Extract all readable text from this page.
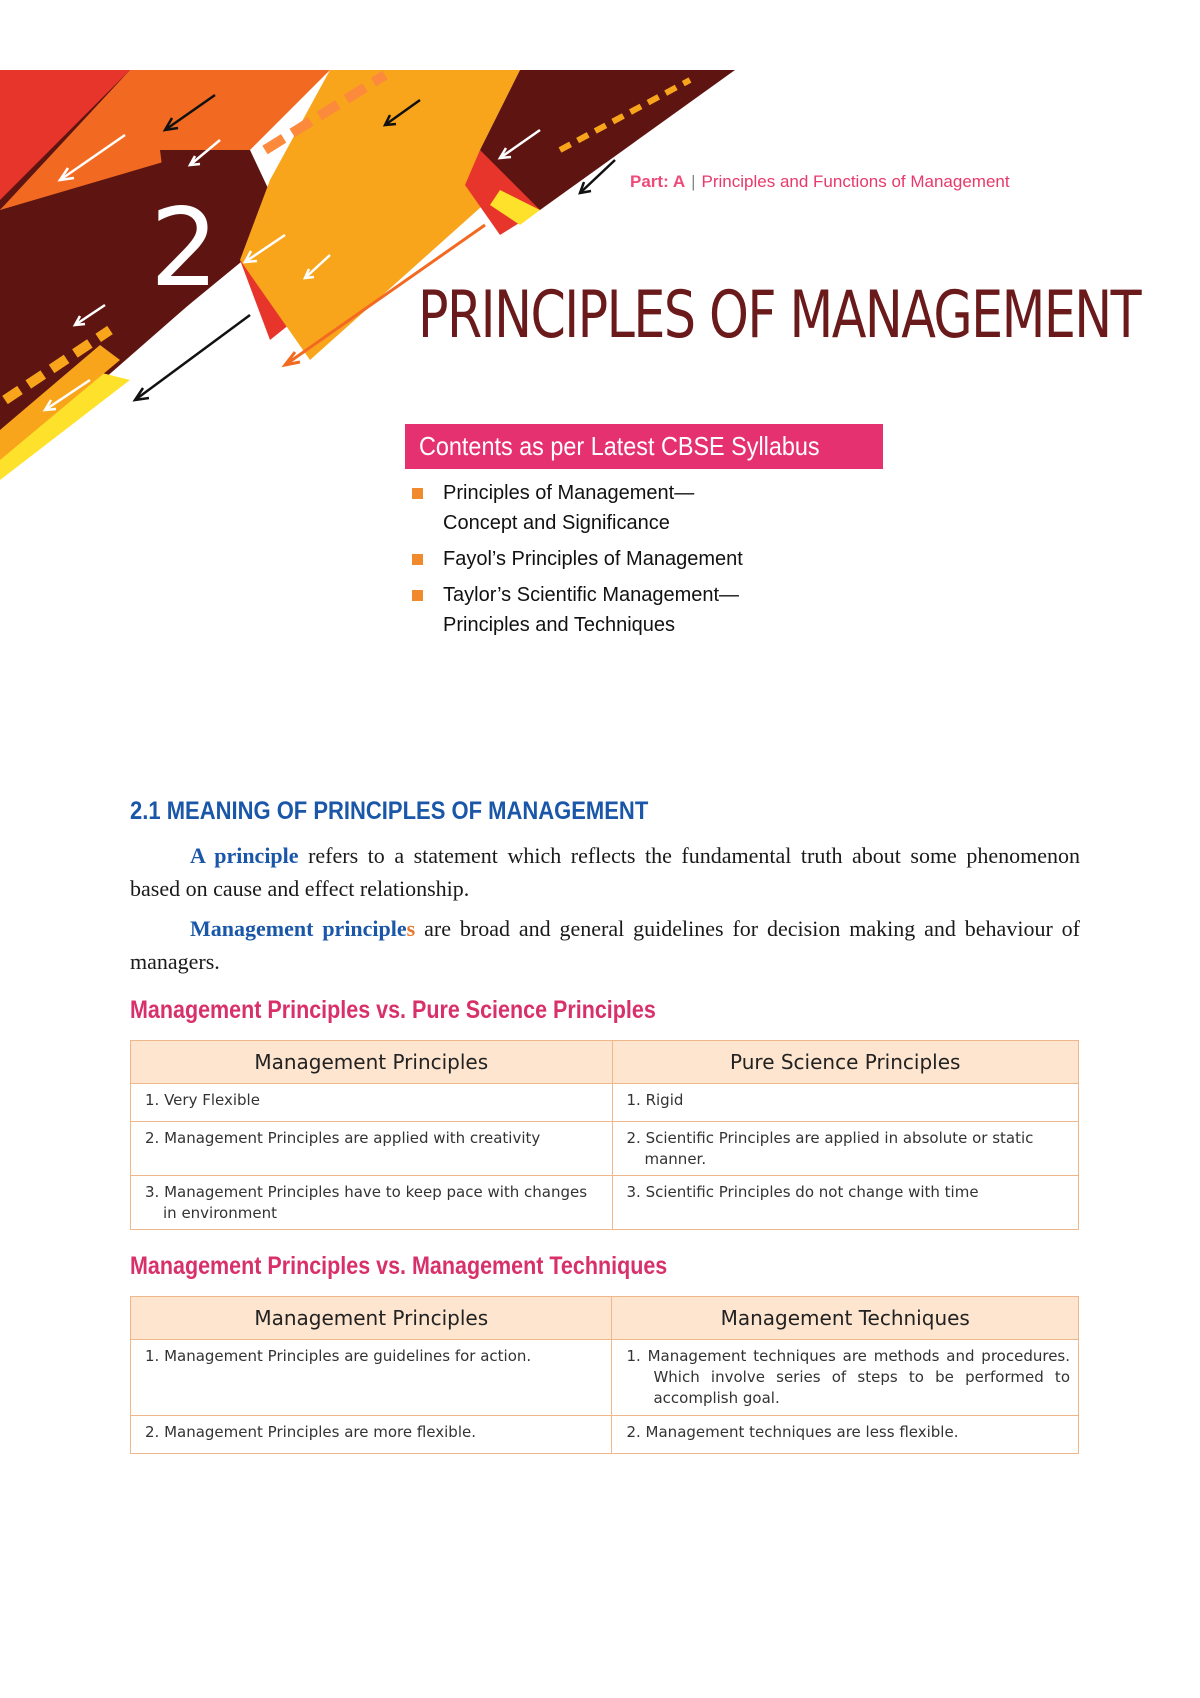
Part: A | Principles and Functions of Management
2
PRINCIPLES OF MANAGEMENT
Contents as per Latest CBSE Syllabus
Principles of Management—
Concept and Significance
Fayol’s Principles of Management
Taylor’s Scientific Management—
Principles and Techniques
2.1 MEANING OF PRINCIPLES OF MANAGEMENT

A principle refers to a statement which reflects the fundamental truth about some phenomenon based on cause and effect relationship.

Management principles are broad and general guidelines for decision making and behaviour of managers.

Management Principles vs. Pure Science Principles
Management Principles	Pure Science Principles

1. Very Flexible	1. Rigid

2. Management Principles are applied with creativity	2. Scientific Principles are applied in absolute or static manner.

3. Management Principles have to keep pace with changes in environment	3. Scientific Principles do not change with time
Management Principles vs. Management Techniques
Management Principles	Management Techniques

1. Management Principles are guidelines for action.	1. Management techniques are methods and procedures. Which involve series of steps to be performed to accomplish goal.

2. Management Principles are more flexible.	2. Management techniques are less flexible.
